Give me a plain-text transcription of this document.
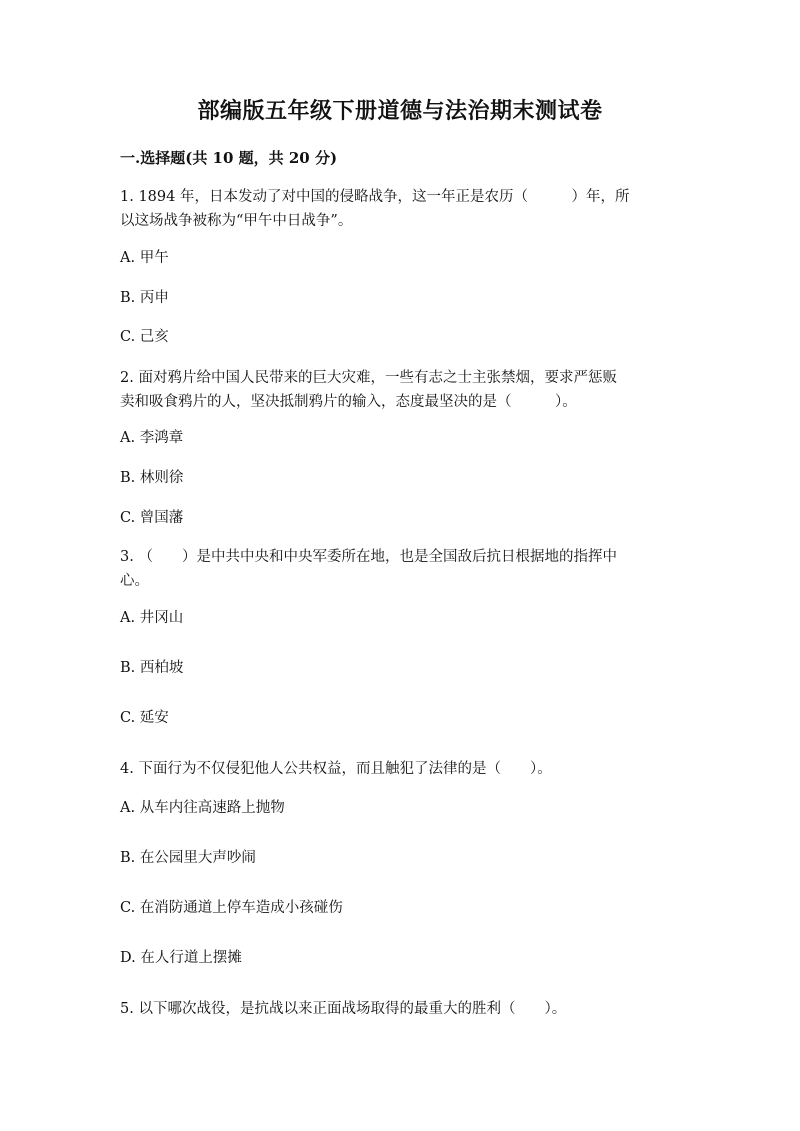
部编版五年级下册道德与法治期末测试卷
一.选择题(共 10 题，共 20 分)
1. 1894 年，日本发动了对中国的侵略战争，这一年正是农历（　　　）年，所
以这场战争被称为“甲午中日战争”。
A. 甲午
B. 丙申
C. 己亥
2. 面对鸦片给中国人民带来的巨大灾难，一些有志之士主张禁烟，要求严惩贩
卖和吸食鸦片的人，坚决抵制鸦片的输入，态度最坚决的是（　　　）。
A. 李鸿章
B. 林则徐
C. 曾国藩
3. （　　）是中共中央和中央军委所在地，也是全国敌后抗日根据地的指挥中
心。
A. 井冈山
B. 西柏坡
C. 延安
4. 下面行为不仅侵犯他人公共权益，而且触犯了法律的是（　　）。
A. 从车内往高速路上抛物
B. 在公园里大声吵闹
C. 在消防通道上停车造成小孩碰伤
D. 在人行道上摆摊
5. 以下哪次战役，是抗战以来正面战场取得的最重大的胜利（　　）。
